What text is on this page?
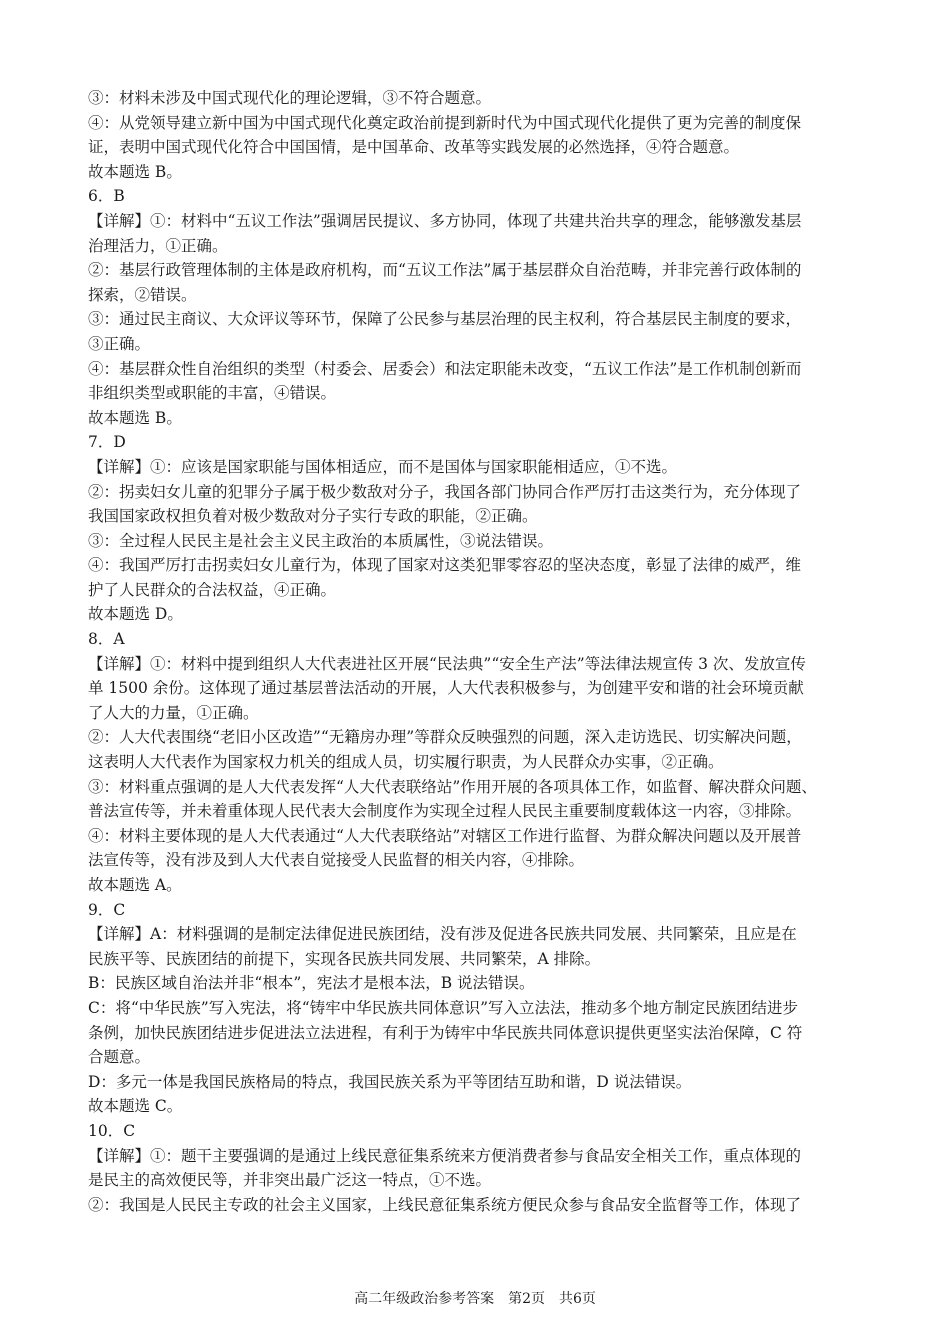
③：材料未涉及中国式现代化的理论逻辑，③不符合题意。
④：从党领导建立新中国为中国式现代化奠定政治前提到新时代为中国式现代化提供了更为完善的制度保
证，表明中国式现代化符合中国国情，是中国革命、改革等实践发展的必然选择，④符合题意。
故本题选 B。
6．B
【详解】①：材料中“五议工作法”强调居民提议、多方协同，体现了共建共治共享的理念，能够激发基层
治理活力，①正确。
②：基层行政管理体制的主体是政府机构，而“五议工作法”属于基层群众自治范畴，并非完善行政体制的
探索，②错误。
③：通过民主商议、大众评议等环节，保障了公民参与基层治理的民主权利，符合基层民主制度的要求，
③正确。
④：基层群众性自治组织的类型（村委会、居委会）和法定职能未改变，“五议工作法”是工作机制创新而
非组织类型或职能的丰富，④错误。
故本题选 B。
7．D
【详解】①：应该是国家职能与国体相适应，而不是国体与国家职能相适应，①不选。
②：拐卖妇女儿童的犯罪分子属于极少数敌对分子，我国各部门协同合作严厉打击这类行为，充分体现了
我国国家政权担负着对极少数敌对分子实行专政的职能，②正确。
③：全过程人民民主是社会主义民主政治的本质属性，③说法错误。
④：我国严厉打击拐卖妇女儿童行为，体现了国家对这类犯罪零容忍的坚决态度，彰显了法律的威严，维
护了人民群众的合法权益，④正确。
故本题选 D。
8．A
【详解】①：材料中提到组织人大代表进社区开展“民法典”“安全生产法”等法律法规宣传 3 次、发放宣传
单 1500 余份。这体现了通过基层普法活动的开展，人大代表积极参与，为创建平安和谐的社会环境贡献
了人大的力量，①正确。
②：人大代表围绕“老旧小区改造”“无籍房办理”等群众反映强烈的问题，深入走访选民、切实解决问题，
这表明人大代表作为国家权力机关的组成人员，切实履行职责，为人民群众办实事，②正确。
③：材料重点强调的是人大代表发挥“人大代表联络站”作用开展的各项具体工作，如监督、解决群众问题、
普法宣传等，并未着重体现人民代表大会制度作为实现全过程人民民主重要制度载体这一内容，③排除。
④：材料主要体现的是人大代表通过“人大代表联络站”对辖区工作进行监督、为群众解决问题以及开展普
法宣传等，没有涉及到人大代表自觉接受人民监督的相关内容，④排除。
故本题选 A。
9．C
【详解】A：材料强调的是制定法律促进民族团结，没有涉及促进各民族共同发展、共同繁荣，且应是在
民族平等、民族团结的前提下，实现各民族共同发展、共同繁荣，A 排除。
B：民族区域自治法并非“根本”，宪法才是根本法，B 说法错误。
C：将“中华民族”写入宪法，将“铸牢中华民族共同体意识”写入立法法，推动多个地方制定民族团结进步
条例，加快民族团结进步促进法立法进程，有利于为铸牢中华民族共同体意识提供更坚实法治保障，C 符
合题意。
D：多元一体是我国民族格局的特点，我国民族关系为平等团结互助和谐，D 说法错误。
故本题选 C。
10．C
【详解】①：题干主要强调的是通过上线民意征集系统来方便消费者参与食品安全相关工作，重点体现的
是民主的高效便民等，并非突出最广泛这一特点，①不选。
②：我国是人民民主专政的社会主义国家，上线民意征集系统方便民众参与食品安全监督等工作，体现了
高二年级政治参考答案　第2页　共6页
